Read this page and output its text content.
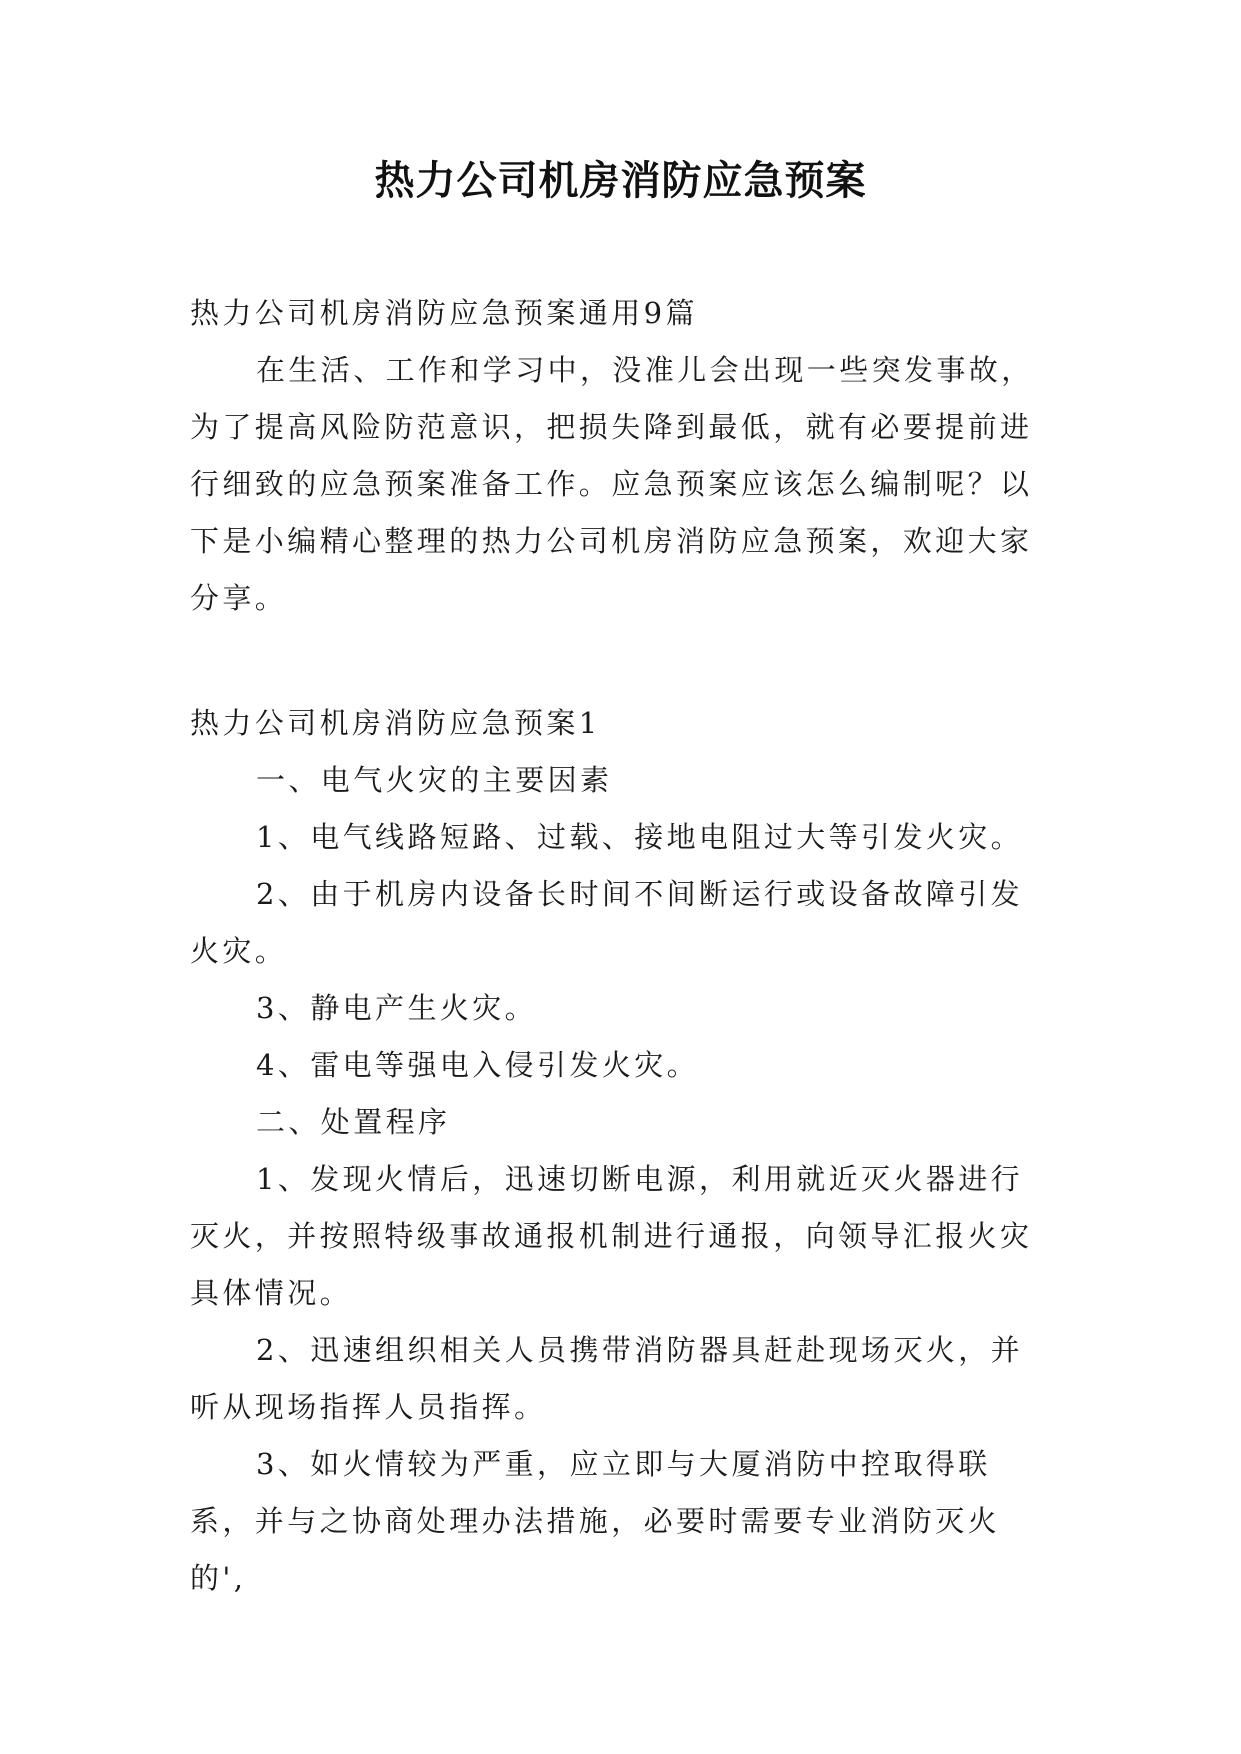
热力公司机房消防应急预案

热力公司机房消防应急预案通用9篇

在生活、工作和学习中，没准儿会出现一些突发事故，为了提高风险防范意识，把损失降到最低，就有必要提前进行细致的应急预案准备工作。应急预案应该怎么编制呢？以下是小编精心整理的热力公司机房消防应急预案，欢迎大家分享。

热力公司机房消防应急预案1

一、电气火灾的主要因素

1、电气线路短路、过载、接地电阻过大等引发火灾。

2、由于机房内设备长时间不间断运行或设备故障引发火灾。

3、静电产生火灾。

4、雷电等强电入侵引发火灾。

二、处置程序

1、发现火情后，迅速切断电源，利用就近灭火器进行灭火，并按照特级事故通报机制进行通报，向领导汇报火灾具体情况。

2、迅速组织相关人员携带消防器具赶赴现场灭火，并听从现场指挥人员指挥。

3、如火情较为严重，应立即与大厦消防中控取得联系，并与之协商处理办法措施，必要时需要专业消防灭火的',
